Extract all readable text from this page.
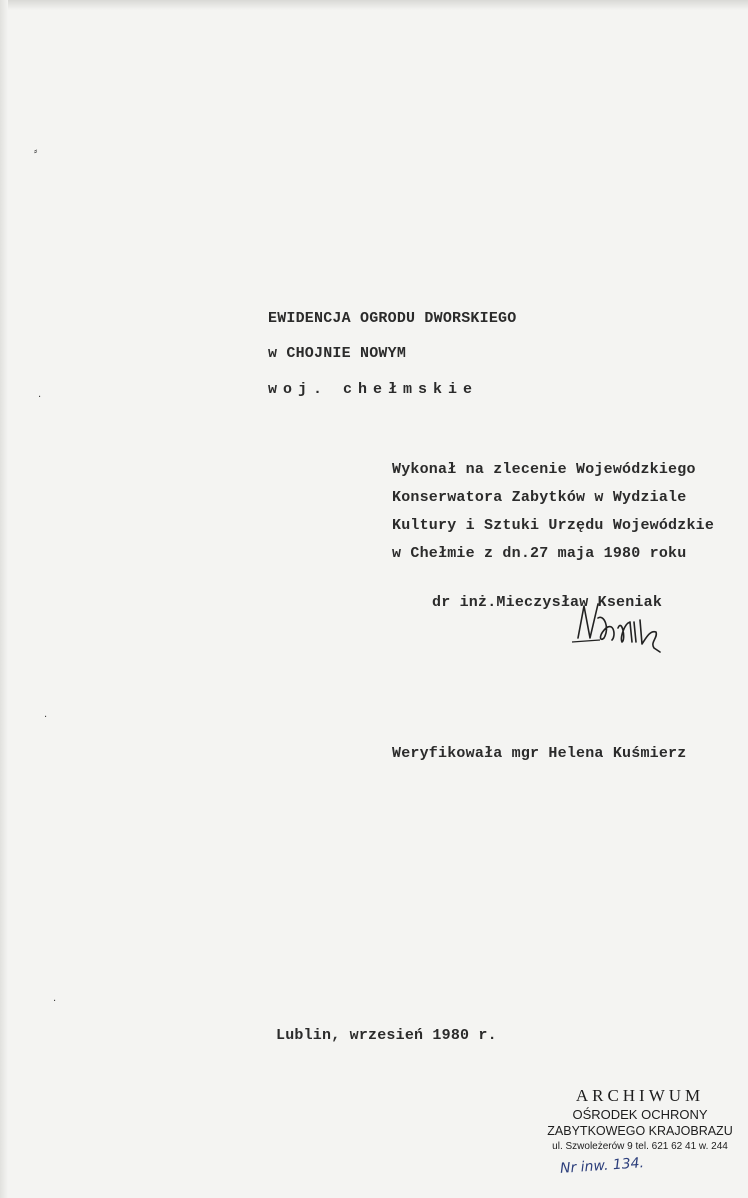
⸗
·
·
·
EWIDENCJA OGRODU DWORSKIEGO
w CHOJNIE NOWYM
woj. chełmskie
Wykonał na zlecenie Wojewódzkiego
Konserwatora Zabytków w Wydziale
Kultury i Sztuki Urzędu Wojewódzkie
w Chełmie z dn.27 maja 1980 roku
dr inż.Mieczysław Kseniak
Weryfikowała mgr Helena Kuśmierz
Lublin, wrzesień 1980 r.
ARCHIWUM
OŚRODEK OCHRONY
ZABYTKOWEGO KRAJOBRAZU
ul. Szwoleżerów 9 tel. 621 62 41 w. 244
Nr inw. 134.
